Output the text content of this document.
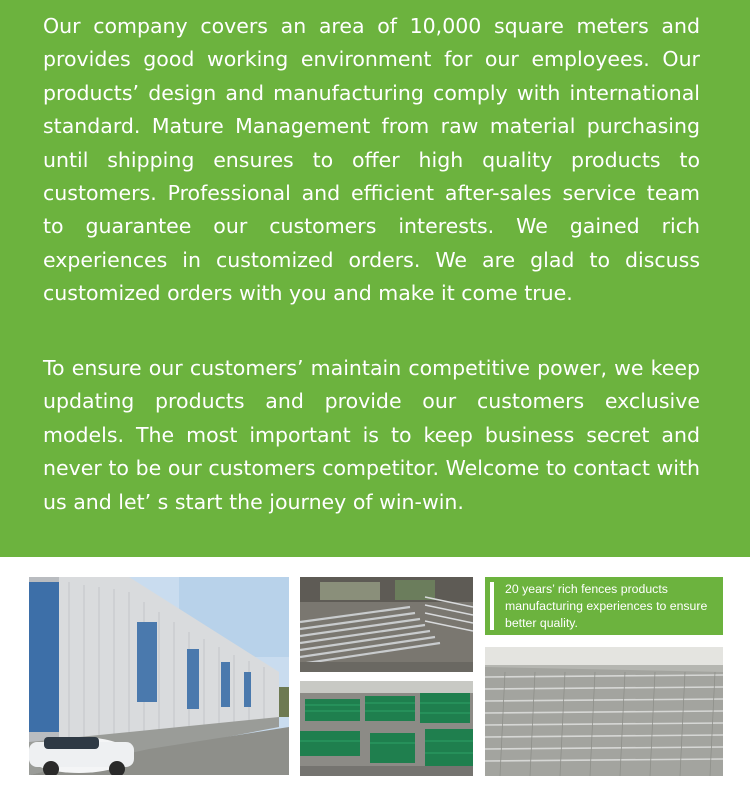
Our company covers an area of 10,000 square meters and provides good working environment for our employees. Our products’ design and manufacturing comply with international standard. Mature Management from raw material purchasing until shipping ensures to offer high quality products to customers. Professional and efficient after-sales service team to guarantee our customers interests. We gained rich experiences in customized orders. We are glad to discuss customized orders with you and make it come true.

To ensure our customers’ maintain competitive power, we keep updating products and provide our customers exclusive models. The most important is to keep business secret and never to be our customers competitor. Welcome to contact with us and let’ s start the journey of win-win.

20 years’ rich fences products manufacturing experiences to ensure better quality.
